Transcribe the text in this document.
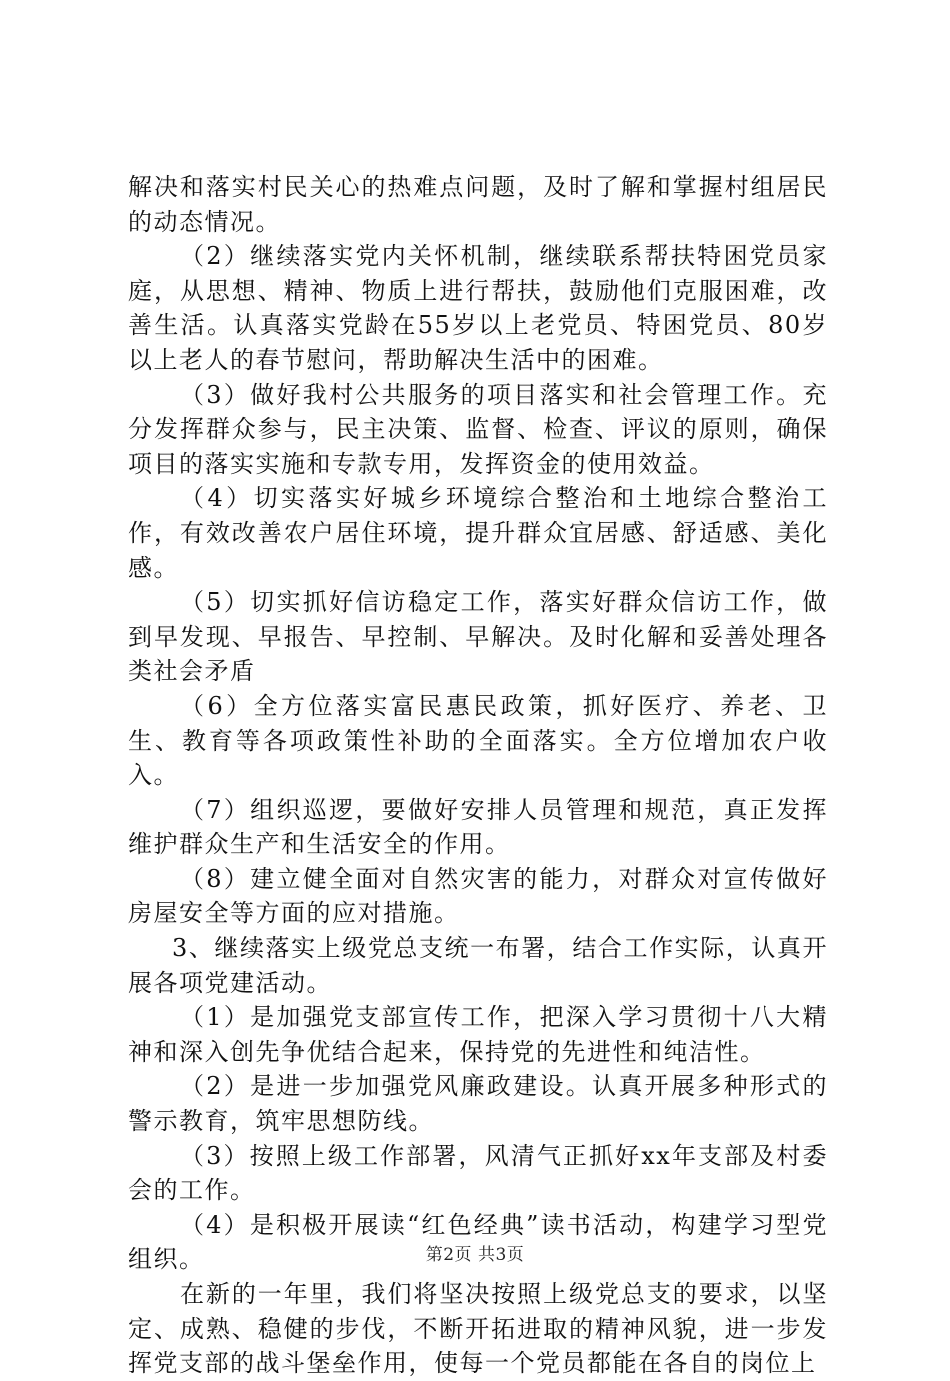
解决和落实村民关心的热难点问题，及时了解和掌握村组居民的动态情况。

（2）继续落实党内关怀机制，继续联系帮扶特困党员家庭，从思想、精神、物质上进行帮扶，鼓励他们克服困难，改善生活。认真落实党龄在55岁以上老党员、特困党员、80岁以上老人的春节慰问，帮助解决生活中的困难。

（3）做好我村公共服务的项目落实和社会管理工作。充分发挥群众参与，民主决策、监督、检查、评议的原则，确保项目的落实实施和专款专用，发挥资金的使用效益。

（4）切实落实好城乡环境综合整治和土地综合整治工作，有效改善农户居住环境，提升群众宜居感、舒适感、美化感。

（5）切实抓好信访稳定工作，落实好群众信访工作，做到早发现、早报告、早控制、早解决。及时化解和妥善处理各类社会矛盾

（6）全方位落实富民惠民政策，抓好医疗、养老、卫生、教育等各项政策性补助的全面落实。全方位增加农户收入。

（7）组织巡逻，要做好安排人员管理和规范，真正发挥维护群众生产和生活安全的作用。

（8）建立健全面对自然灾害的能力，对群众对宣传做好房屋安全等方面的应对措施。

3、继续落实上级党总支统一布署，结合工作实际，认真开展各项党建活动。

（1）是加强党支部宣传工作，把深入学习贯彻十八大精神和深入创先争优结合起来，保持党的先进性和纯洁性。

（2）是进一步加强党风廉政建设。认真开展多种形式的警示教育，筑牢思想防线。

（3）按照上级工作部署，风清气正抓好xx年支部及村委会的工作。

（4）是积极开展读“红色经典”读书活动，构建学习型党组织。

在新的一年里，我们将坚决按照上级党总支的要求，以坚定、成熟、稳健的步伐，不断开拓进取的精神风貌，进一步发挥党支部的战斗堡垒作用，使每一个党员都能在各自的岗位上

第2页 共3页
